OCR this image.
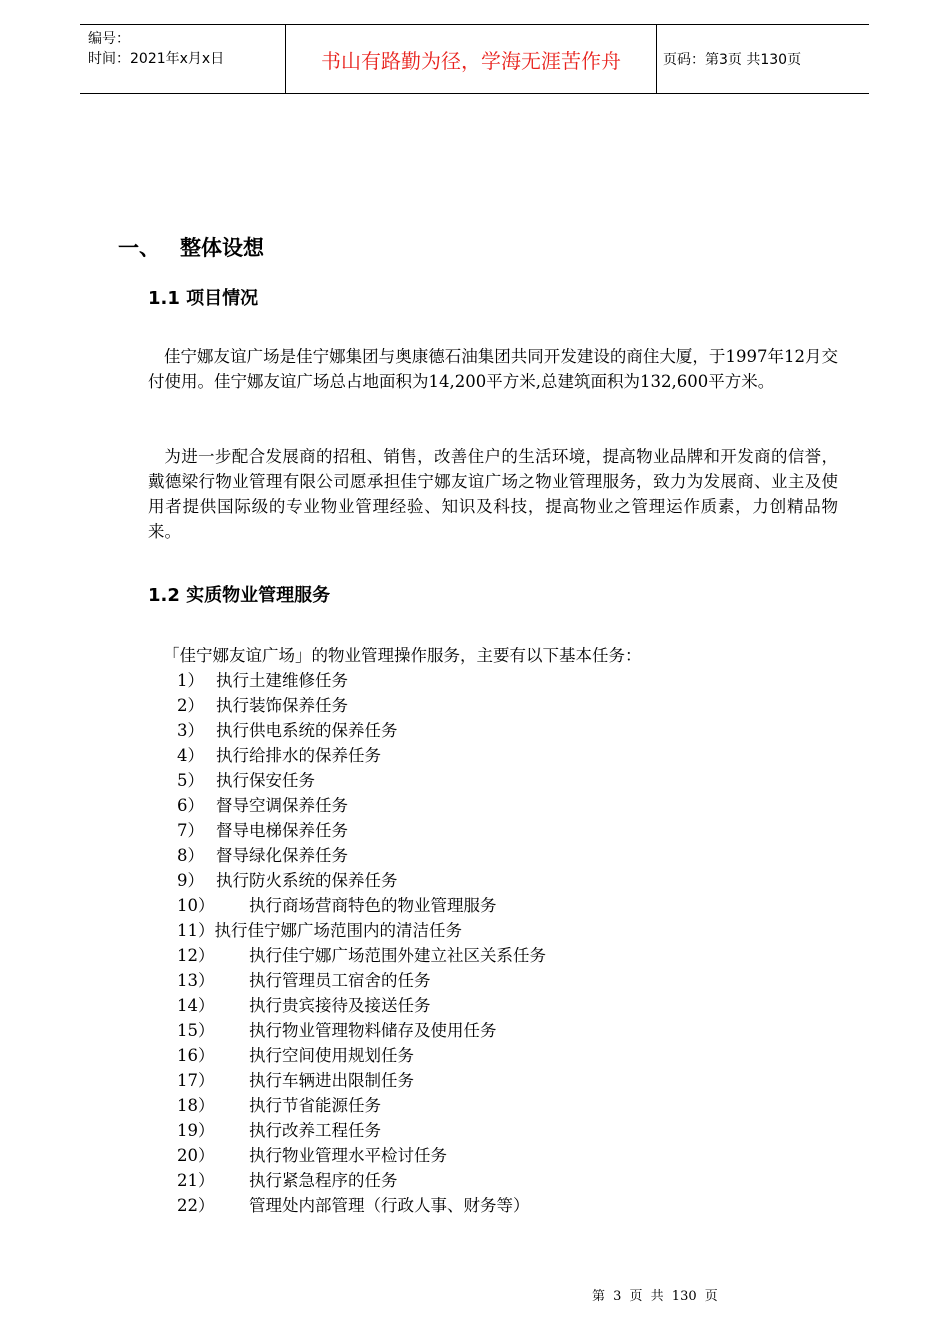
编号：
时间：2021年x月x日	书山有路勤为径，学海无涯苦作舟	页码：第3页 共130页
一、 整体设想
1.1 项目情况
佳宁娜友谊广场是佳宁娜集团与奥康德石油集团共同开发建设的商住大厦，于1997年12月交付使用。佳宁娜友谊广场总占地面积为14,200平方米,总建筑面积为132,600平方米。
为进一步配合发展商的招租、销售，改善住户的生活环境，提高物业品牌和开发商的信誉，戴德梁行物业管理有限公司愿承担佳宁娜友谊广场之物业管理服务，致力为发展商、业主及使用者提供国际级的专业物业管理经验、知识及科技，提高物业之管理运作质素，力创精品物来。
1.2 实质物业管理服务
「佳宁娜友谊广场」的物业管理操作服务，主要有以下基本任务：
1） 执行土建维修任务
2） 执行装饰保养任务
3） 执行供电系统的保养任务
4） 执行给排水的保养任务
5） 执行保安任务
6） 督导空调保养任务
7） 督导电梯保养任务
8） 督导绿化保养任务
9） 执行防火系统的保养任务
10） 执行商场营商特色的物业管理服务
11）执行佳宁娜广场范围内的清洁任务
12） 执行佳宁娜广场范围外建立社区关系任务
13） 执行管理员工宿舍的任务
14） 执行贵宾接待及接送任务
15） 执行物业管理物料储存及使用任务
16） 执行空间使用规划任务
17） 执行车辆进出限制任务
18） 执行节省能源任务
19） 执行改养工程任务
20） 执行物业管理水平检讨任务
21） 执行紧急程序的任务
22） 管理处内部管理（行政人事、财务等）
第 3 页 共 130 页
